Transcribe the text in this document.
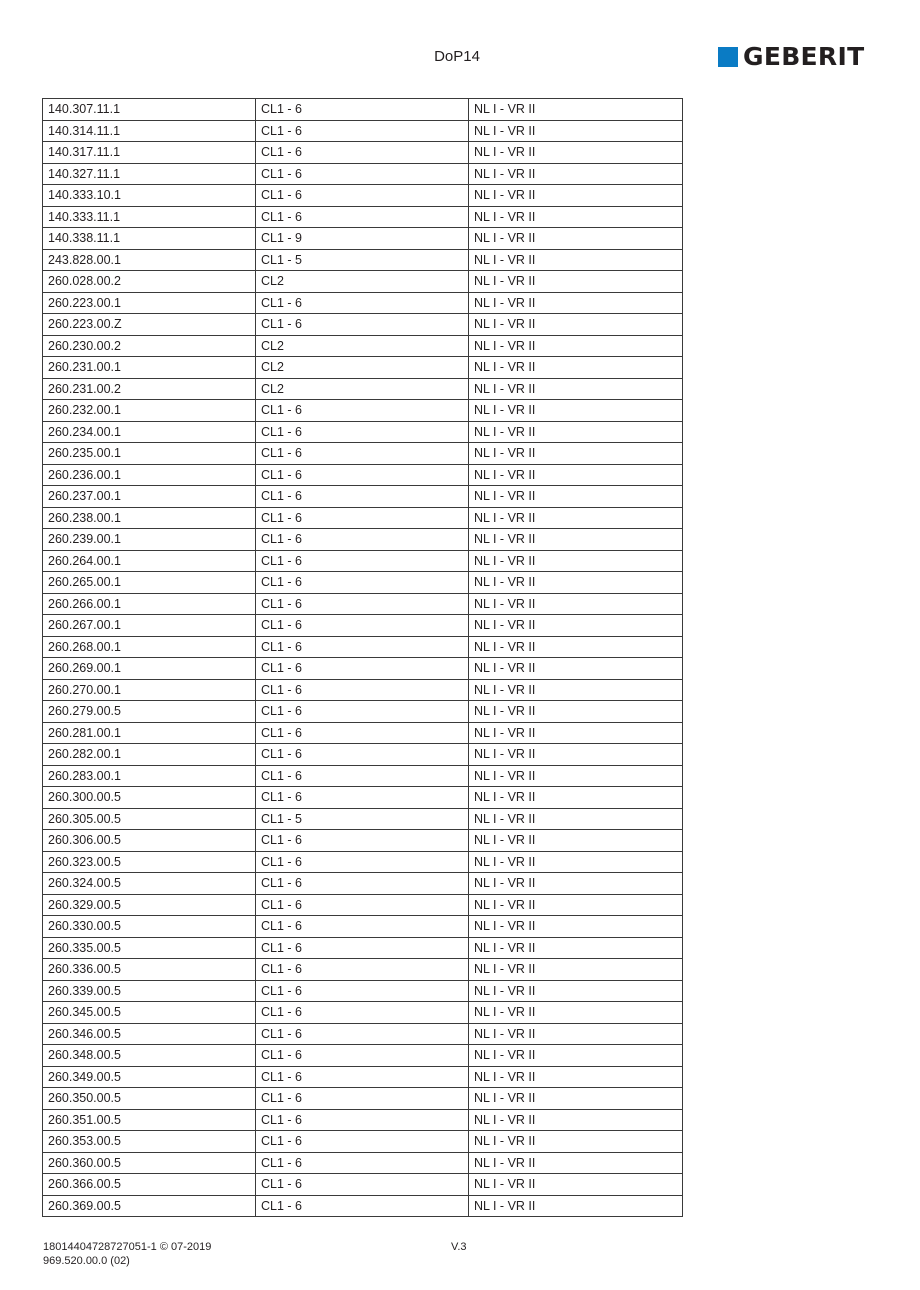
DoP14	GEBERIT
140.307.11.1	CL1 - 6	NL I - VR II
140.314.11.1	CL1 - 6	NL I - VR II
140.317.11.1	CL1 - 6	NL I - VR II
140.327.11.1	CL1 - 6	NL I - VR II
140.333.10.1	CL1 - 6	NL I - VR II
140.333.11.1	CL1 - 6	NL I - VR II
140.338.11.1	CL1 - 9	NL I - VR II
243.828.00.1	CL1 - 5	NL I - VR II
260.028.00.2	CL2	NL I - VR II
260.223.00.1	CL1 - 6	NL I - VR II
260.223.00.Z	CL1 - 6	NL I - VR II
260.230.00.2	CL2	NL I - VR II
260.231.00.1	CL2	NL I - VR II
260.231.00.2	CL2	NL I - VR II
260.232.00.1	CL1 - 6	NL I - VR II
260.234.00.1	CL1 - 6	NL I - VR II
260.235.00.1	CL1 - 6	NL I - VR II
260.236.00.1	CL1 - 6	NL I - VR II
260.237.00.1	CL1 - 6	NL I - VR II
260.238.00.1	CL1 - 6	NL I - VR II
260.239.00.1	CL1 - 6	NL I - VR II
260.264.00.1	CL1 - 6	NL I - VR II
260.265.00.1	CL1 - 6	NL I - VR II
260.266.00.1	CL1 - 6	NL I - VR II
260.267.00.1	CL1 - 6	NL I - VR II
260.268.00.1	CL1 - 6	NL I - VR II
260.269.00.1	CL1 - 6	NL I - VR II
260.270.00.1	CL1 - 6	NL I - VR II
260.279.00.5	CL1 - 6	NL I - VR II
260.281.00.1	CL1 - 6	NL I - VR II
260.282.00.1	CL1 - 6	NL I - VR II
260.283.00.1	CL1 - 6	NL I - VR II
260.300.00.5	CL1 - 6	NL I - VR II
260.305.00.5	CL1 - 5	NL I - VR II
260.306.00.5	CL1 - 6	NL I - VR II
260.323.00.5	CL1 - 6	NL I - VR II
260.324.00.5	CL1 - 6	NL I - VR II
260.329.00.5	CL1 - 6	NL I - VR II
260.330.00.5	CL1 - 6	NL I - VR II
260.335.00.5	CL1 - 6	NL I - VR II
260.336.00.5	CL1 - 6	NL I - VR II
260.339.00.5	CL1 - 6	NL I - VR II
260.345.00.5	CL1 - 6	NL I - VR II
260.346.00.5	CL1 - 6	NL I - VR II
260.348.00.5	CL1 - 6	NL I - VR II
260.349.00.5	CL1 - 6	NL I - VR II
260.350.00.5	CL1 - 6	NL I - VR II
260.351.00.5	CL1 - 6	NL I - VR II
260.353.00.5	CL1 - 6	NL I - VR II
260.360.00.5	CL1 - 6	NL I - VR II
260.366.00.5	CL1 - 6	NL I - VR II
260.369.00.5	CL1 - 6	NL I - VR II
18014404728727051-1 © 07-2019
969.520.00.0 (02)
V.3
